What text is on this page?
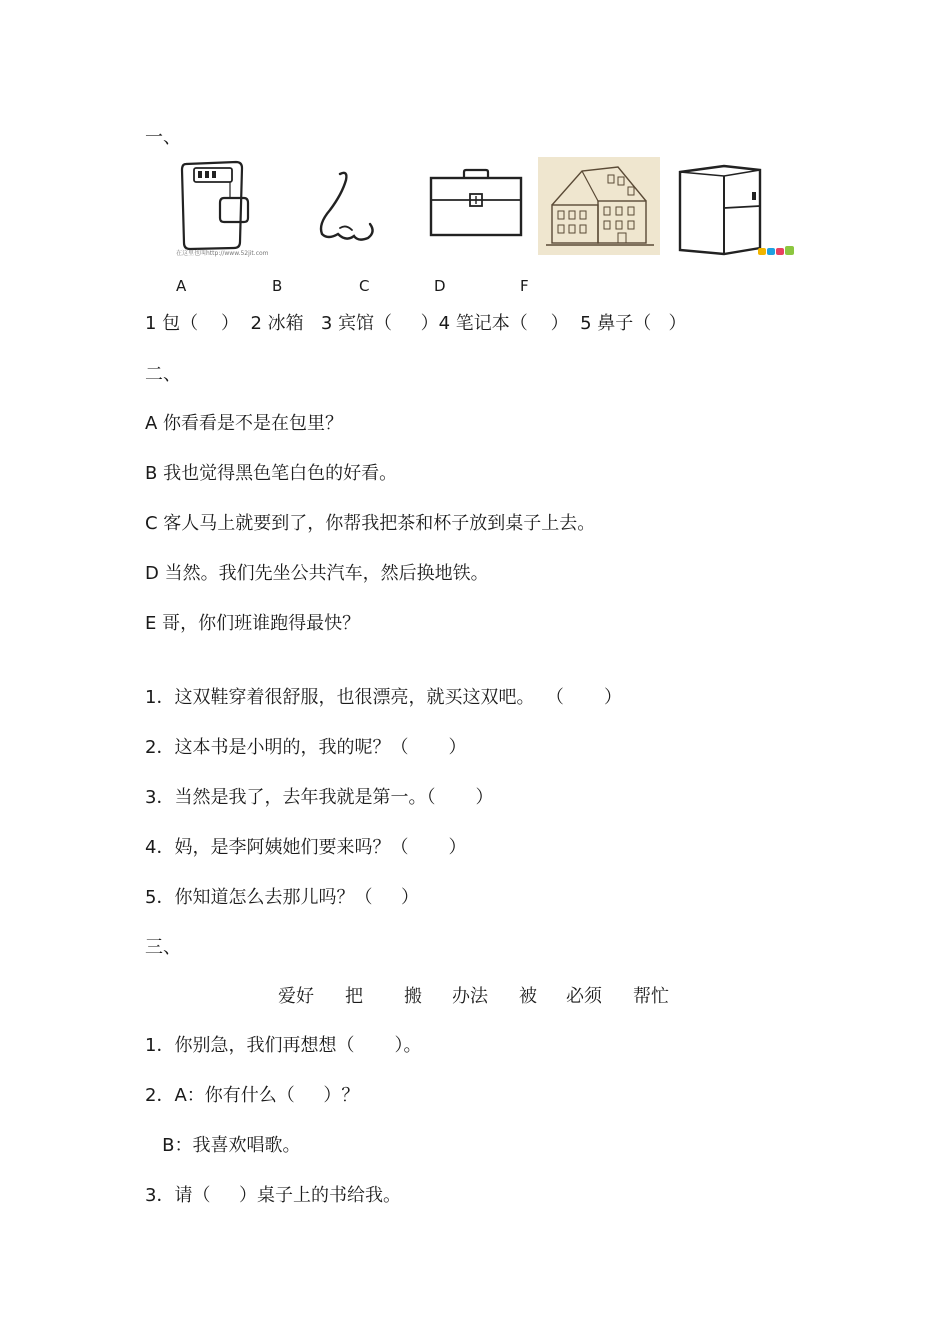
一、
在这里也叫http://www.52jit.com
A	B	C	D	F
1 包（    ）  2 冰箱   3 宾馆（     ）4 笔记本（    ）  5 鼻子（   ）
二、
A 你看看是不是在包里？
B 我也觉得黑色笔白色的好看。
C 客人马上就要到了，你帮我把茶和杯子放到桌子上去。
D 当然。我们先坐公共汽车，然后换地铁。
E 哥，你们班谁跑得最快？
1．这双鞋穿着很舒服，也很漂亮，就买这双吧。  （       ）
2．这本书是小明的，我的呢？（       ）
3．当然是我了，去年我就是第一。（       ）
4．妈，是李阿姨她们要来吗？（       ）
5．你知道怎么去那儿吗？（     ）
三、
爱好 把 搬 办法 被 必须 帮忙
1．你别急，我们再想想（       ）。
2．A：你有什么（     ）？
B：我喜欢唱歌。
3．请（     ）桌子上的书给我。
